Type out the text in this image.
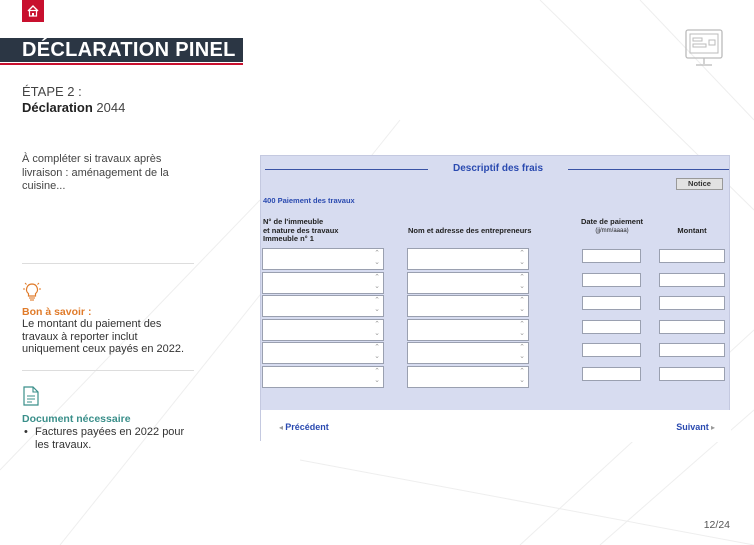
DÉCLARATION PINEL
ÉTAPE 2 :
Déclaration 2044
À compléter si travaux après livraison : aménagement de la cuisine...
Bon à savoir :
Le montant du paiement des travaux à reporter inclut uniquement ceux payés en 2022.
Document nécessaire
• Factures payées en 2022 pour les travaux.
Descriptif des frais
Notice
400 Paiement des travaux
N° de l'immeuble
et nature des travaux
Immeuble n° 1
Nom et adresse des entrepreneurs
Date de paiement
(jj/mm/aaaa)	Montant
⌃
⌄
⌃
⌄
⌃
⌄
⌃
⌄
⌃
⌄
⌃
⌄
⌃
⌄
⌃
⌄
⌃
⌄
⌃
⌄
⌃
⌄
⌃
⌄
◂ Précédent	Suivant ▸
12/24
